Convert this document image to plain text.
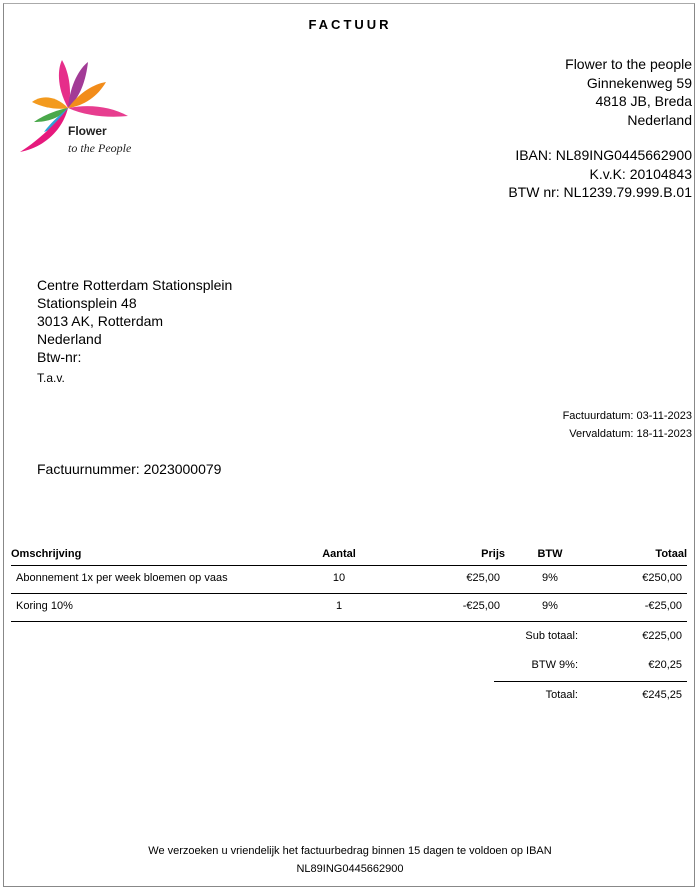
FACTUUR
Flower
to the People
Flower to the people
Ginnekenweg 59
4818 JB, Breda
Nederland
IBAN: NL89ING0445662900
K.v.K: 20104843
BTW nr: NL1239.79.999.B.01
Centre Rotterdam Stationsplein
Stationsplein 48
3013 AK, Rotterdam
Nederland
Btw-nr:
T.a.v.
Factuurdatum: 03-11-2023
Vervaldatum: 18-11-2023
Factuurnummer: 2023000079
Omschrijving	Aantal	Prijs	BTW	Totaal
Abonnement 1x per week bloemen op vaas	10	€25,00	9%	€250,00
Koring 10%	1	-€25,00	9%	-€25,00
Sub totaal:	€225,00
BTW 9%:	€20,25
Totaal:	€245,25
We verzoeken u vriendelijk het factuurbedrag binnen 15 dagen te voldoen op IBAN
NL89ING0445662900
